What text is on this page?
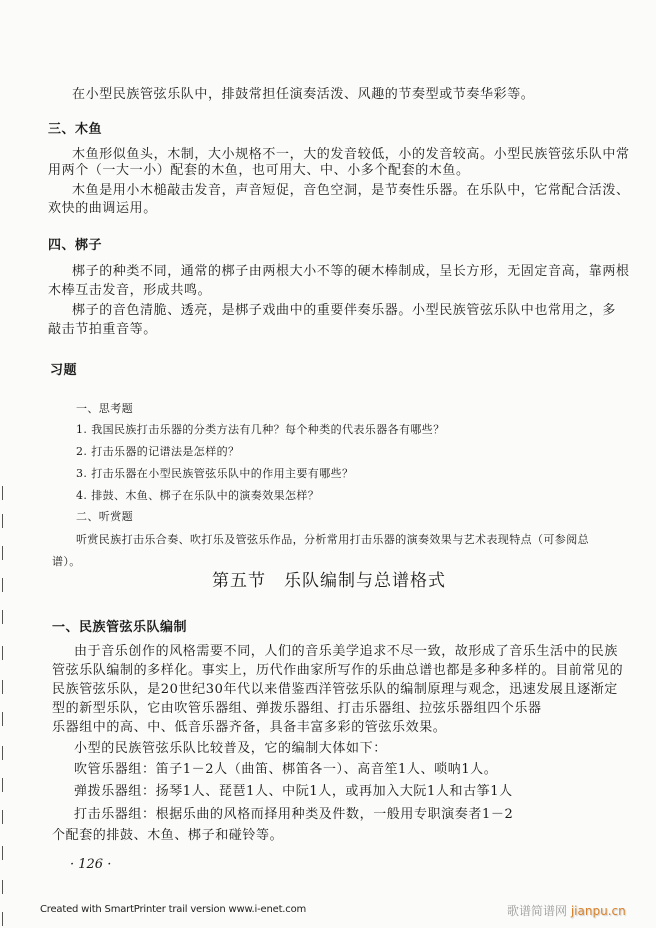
在小型民族管弦乐队中，排鼓常担任演奏活泼、风趣的节奏型或节奏华彩等。
三、木鱼
木鱼形似鱼头，木制，大小规格不一，大的发音较低，小的发音较高。小型民族管弦乐队中常
用两个（一大一小）配套的木鱼，也可用大、中、小多个配套的木鱼。
木鱼是用小木槌敲击发音，声音短促，音色空洞，是节奏性乐器。在乐队中，它常配合活泼、
欢快的曲调运用。
四、梆子
梆子的种类不同，通常的梆子由两根大小不等的硬木棒制成，呈长方形，无固定音高，靠两根
木棒互击发音，形成共鸣。
梆子的音色清脆、透亮，是梆子戏曲中的重要伴奏乐器。小型民族管弦乐队中也常用之，多
敲击节拍重音等。
习题
一、思考题
1. 我国民族打击乐器的分类方法有几种？每个种类的代表乐器各有哪些？
2. 打击乐器的记谱法是怎样的？
3. 打击乐器在小型民族管弦乐队中的作用主要有哪些？
4. 排鼓、木鱼、梆子在乐队中的演奏效果怎样？
二、听赏题
听赏民族打击乐合奏、吹打乐及管弦乐作品，分析常用打击乐器的演奏效果与艺术表现特点（可参阅总
谱）。
第五节　乐队编制与总谱格式
一、民族管弦乐队编制
由于音乐创作的风格需要不同，人们的音乐美学追求不尽一致，故形成了音乐生活中的民族
管弦乐队编制的多样化。事实上，历代作曲家所写作的乐曲总谱也都是多种多样的。目前常见的
民族管弦乐队，是20世纪30年代以来借鉴西洋管弦乐队的编制原理与观念，迅速发展且逐渐定
型的新型乐队，它由吹管乐器组、弹拨乐器组、打击乐器组、拉弦乐器组四个乐器
乐器组中的高、中、低音乐器齐备，具备丰富多彩的管弦乐效果。
小型的民族管弦乐队比较普及，它的编制大体如下：
吹管乐器组：笛子1－2人（曲笛、梆笛各一）、高音笙1人、唢呐1人。
弹拨乐器组：扬琴1人、琵琶1人、中阮1人，或再加入大阮1人和古筝1人
打击乐器组：根据乐曲的风格而择用种类及件数，一般用专职演奏者1－2
个配套的排鼓、木鱼、梆子和碰铃等。
· 126 ·
Created with SmartPrinter trail version www.i-enet.com	歌谱简谱网 jianpu.cn
